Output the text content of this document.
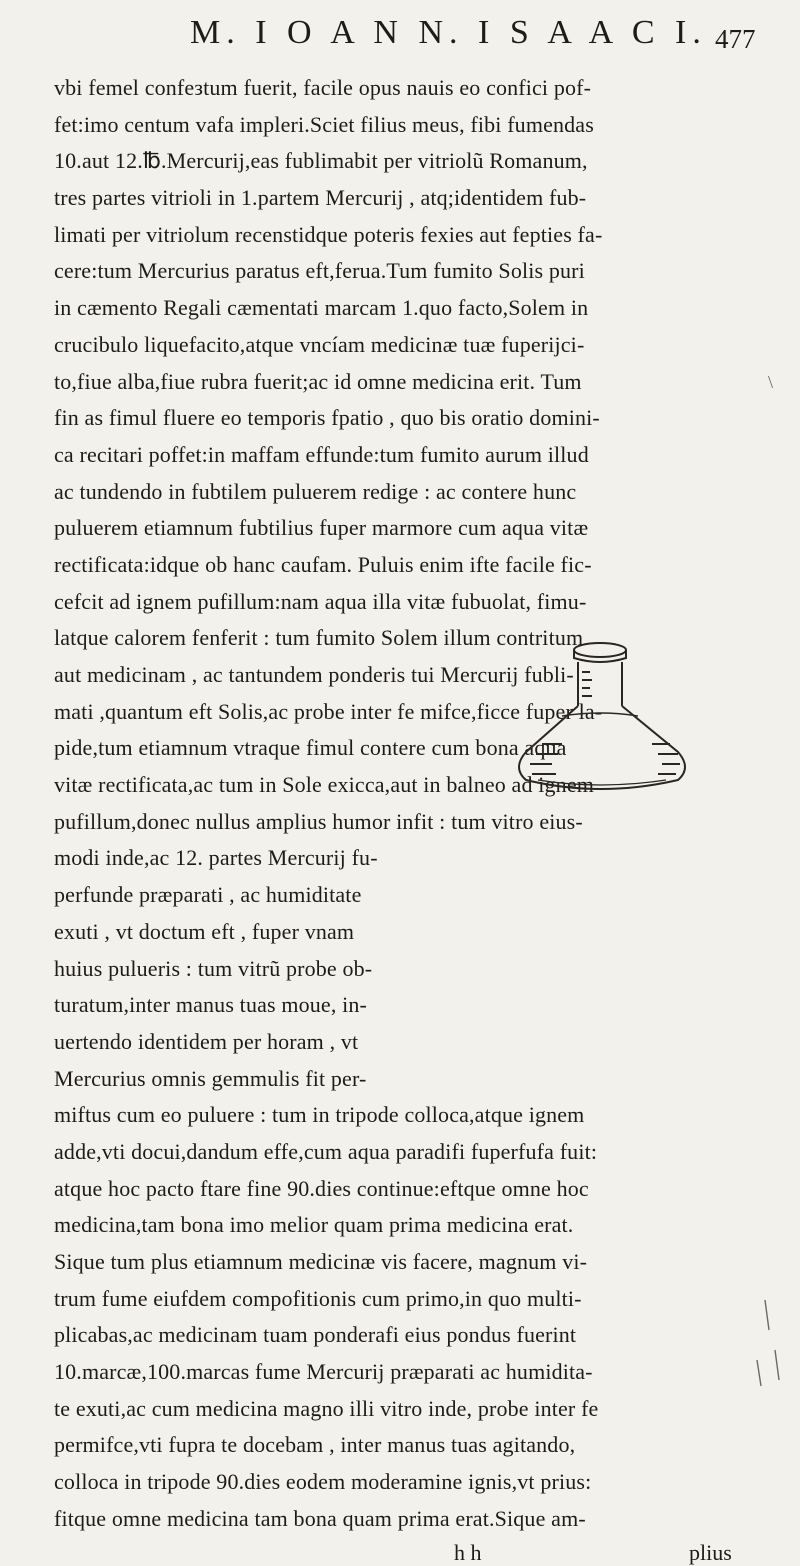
M. I O A N N. I S A A C I. 477
vbi femel confeᴈtum fuerit, facile opus nauis eo confici pof-
fet:imo centum vafa impleri.Sciet filius meus, fibi fumendas
10.aut 12.℔.Mercurij,eas fublimabit per vitriolũ Romanum,
tres partes vitrioli in 1.partem Mercurij , atq;identidem fub-
limati per vitriolum recenstidque poteris fexies aut fepties fa-
cere:tum Mercurius paratus eft,ferua.Tum fumito Solis puri
in cæmento Regali cæmentati marcam 1.quo facto,Solem in
crucibulo liquefacito,atque vncíam medicinæ tuæ fuperijci-
to,fiue alba,fiue rubra fuerit;ac id omne medicina erit. Tum
fin as fimul fluere eo temporis fpatio , quo bis oratio domini-
ca recitari poffet:in maffam effunde:tum fumito aurum illud
ac tundendo in fubtilem puluerem redige : ac contere hunc
puluerem etiamnum fubtilius fuper marmore cum aqua vitæ
rectificata:idque ob hanc caufam. Puluis enim ifte facile fic-
cefcit ad ignem pufillum:nam aqua illa vitæ fubuolat, fimu-
latque calorem fenferit : tum fumito Solem illum contritum
aut medicinam , ac tantundem ponderis tui Mercurij fubli-
mati ,quantum eft Solis,ac probe inter fe mifce,ficce fuper la-
pide,tum etiamnum vtraque fimul contere cum bona aqua
vitæ rectificata,ac tum in Sole exicca,aut in balneo ad ignem
pufillum,donec nullus amplius humor infit : tum vitro eius-
modi inde,ac 12. partes Mercurij fu-
perfunde præparati , ac humiditate
exuti , vt doctum eft , fuper vnam
huius pulueris : tum vitrũ probe ob-
turatum,inter manus tuas moue, in-
uertendo identidem per horam , vt
Mercurius omnis gemmulis fit per-
miftus cum eo puluere : tum in tripode colloca,atque ignem
adde,vti docui,dandum effe,cum aqua paradifi fuperfufa fuit:
atque hoc pacto ftare fine 90.dies continue:eftque omne hoc
medicina,tam bona imo melior quam prima medicina erat.
Sique tum plus etiamnum medicinæ vis facere, magnum vi-
trum fume eiufdem compofitionis cum primo,in quo multi-
plicabas,ac medicinam tuam ponderafi eius pondus fuerint
10.marcæ,100.marcas fume Mercurij præparati ac humidita-
te exuti,ac cum medicina magno illi vitro inde, probe inter fe
permifce,vti fupra te docebam , inter manus tuas agitando,
colloca in tripode 90.dies eodem moderamine ignis,vt prius:
fitque omne medicina tam bona quam prima erat.Sique am-
h h	plius
\
